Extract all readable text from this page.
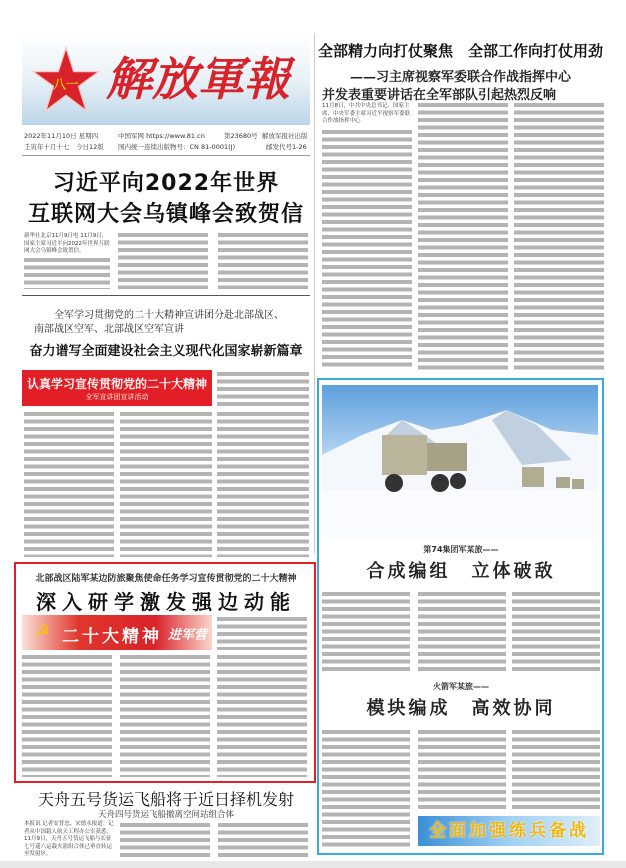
八一 解放軍報
2022年11月10日 星期四
壬寅年十月十七 今日12版
中国军网 https://www.81.cn	第23680号
国内统一连续出版物号：CN 81-0001(J)
解放军报社出版
邮发代号1-26
习近平向2022年世界
互联网大会乌镇峰会致贺信
新华社北京11月9日电 11月9日，国家主席习近平向2022年世界互联网大会乌镇峰会致贺信。
全军学习贯彻党的二十大精神宣讲团分赴北部战区、
南部战区空军、北部战区空军宣讲
奋力谱写全面建设社会主义现代化国家崭新篇章
认真学习宣传贯彻党的二十大精神
全军宣讲团宣讲活动
北部战区陆军某边防旅聚焦使命任务学习宣传贯彻党的二十大精神
深入研学激发强边动能
☭ 二十大精神 进军营
天舟五号货运飞船将于近日择机发射
天舟四号货运飞船撤离空间站组合体
本报讯 记者安普忠、宋德永报道：记者从中国载人航天工程办公室获悉，11月9日，天舟五号货运飞船与长征七号遥六运载火箭组合体已垂直转运至发射区。
全部精力向打仗聚焦　全部工作向打仗用劲
——习主席视察军委联合作战指挥中心
并发表重要讲话在全军部队引起热烈反响
11月8日，中共中央总书记、国家主席、中央军委主席习近平视察军委联合作战指挥中心
第74集团军某旅——
合成编组　立体破敌
火箭军某旅——
模块编成　高效协同
全面加强练兵备战
